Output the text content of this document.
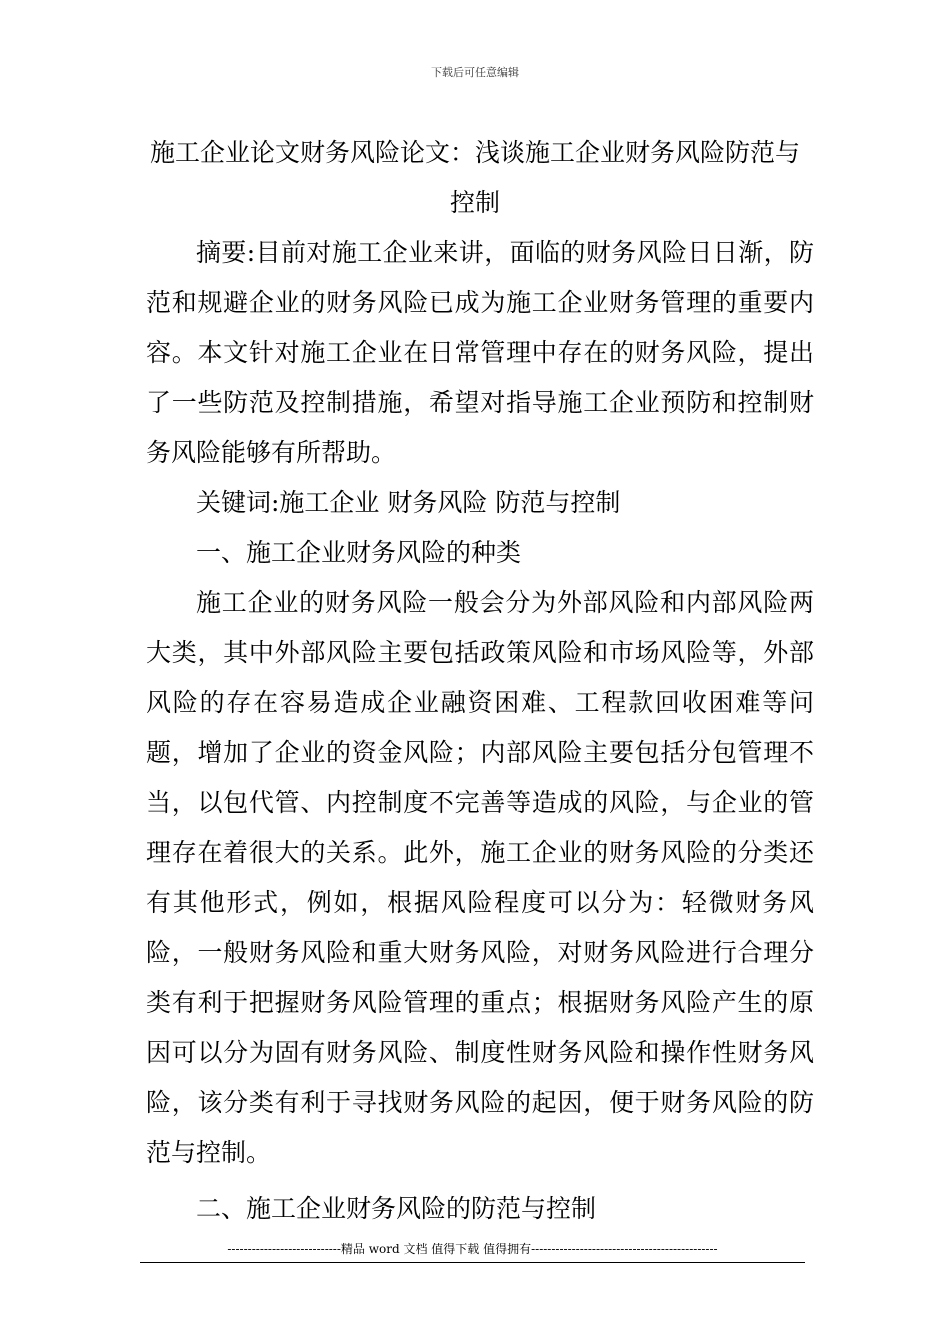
下载后可任意编辑
施工企业论文财务风险论文：浅谈施工企业财务风险防范与控制

摘要:目前对施工企业来讲，面临的财务风险日日渐，防范和规避企业的财务风险已成为施工企业财务管理的重要内容。本文针对施工企业在日常管理中存在的财务风险，提出了一些防范及控制措施，希望对指导施工企业预防和控制财务风险能够有所帮助。

关键词:施工企业 财务风险 防范与控制

一、施工企业财务风险的种类

施工企业的财务风险一般会分为外部风险和内部风险两大类，其中外部风险主要包括政策风险和市场风险等，外部风险的存在容易造成企业融资困难、工程款回收困难等问题，增加了企业的资金风险；内部风险主要包括分包管理不当，以包代管、内控制度不完善等造成的风险，与企业的管理存在着很大的关系。此外，施工企业的财务风险的分类还有其他形式，例如，根据风险程度可以分为：轻微财务风险，一般财务风险和重大财务风险，对财务风险进行合理分类有利于把握财务风险管理的重点；根据财务风险产生的原因可以分为固有财务风险、制度性财务风险和操作性财务风险，该分类有利于寻找财务风险的起因，便于财务风险的防范与控制。

二、施工企业财务风险的防范与控制

----------------------------精品 word 文档 值得下载 值得拥有----------------------------------------------
